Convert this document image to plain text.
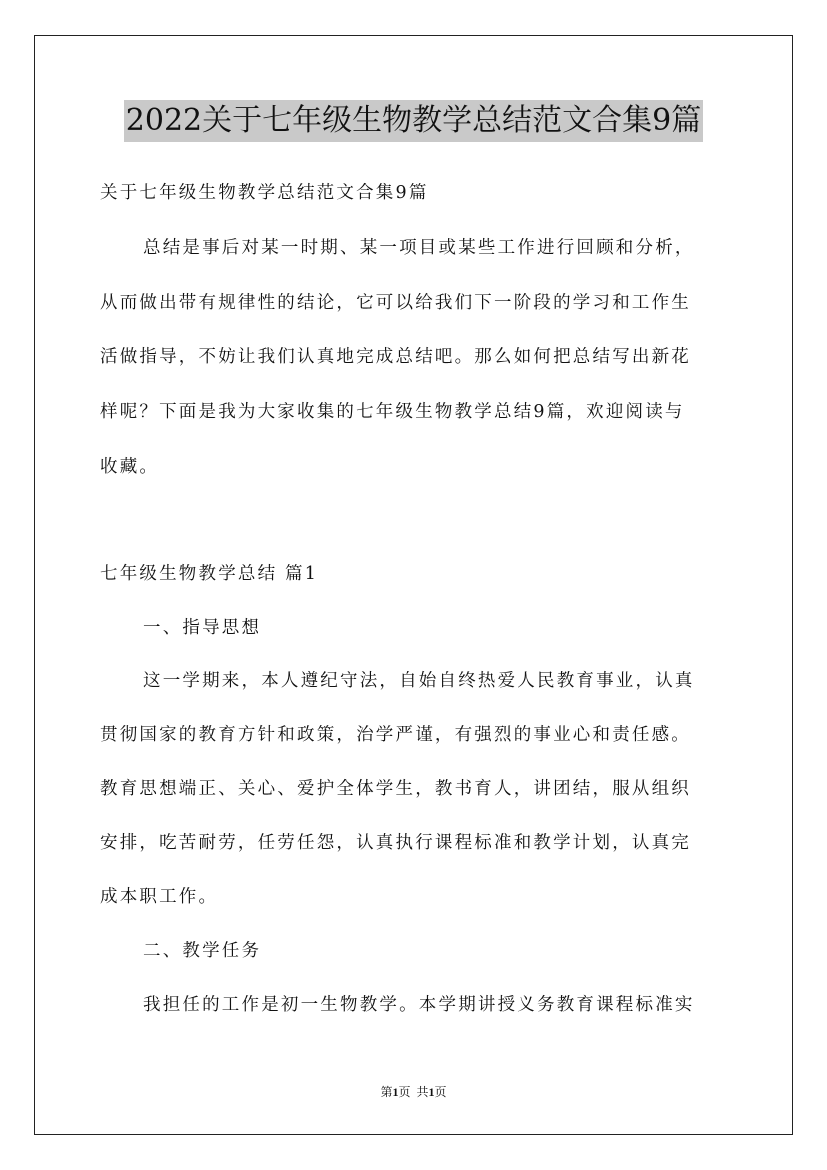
2022关于七年级生物教学总结范文合集9篇
关于七年级生物教学总结范文合集9篇
总结是事后对某一时期、某一项目或某些工作进行回顾和分析，
从而做出带有规律性的结论，它可以给我们下一阶段的学习和工作生
活做指导，不妨让我们认真地完成总结吧。那么如何把总结写出新花
样呢？下面是我为大家收集的七年级生物教学总结9篇，欢迎阅读与
收藏。
七年级生物教学总结 篇1
一、指导思想
这一学期来，本人遵纪守法，自始自终热爱人民教育事业，认真
贯彻国家的教育方针和政策，治学严谨，有强烈的事业心和责任感。
教育思想端正、关心、爱护全体学生，教书育人，讲团结，服从组织
安排，吃苦耐劳，任劳任怨，认真执行课程标准和教学计划，认真完
成本职工作。
二、教学任务
我担任的工作是初一生物教学。本学期讲授义务教育课程标准实
第1页 共1页
